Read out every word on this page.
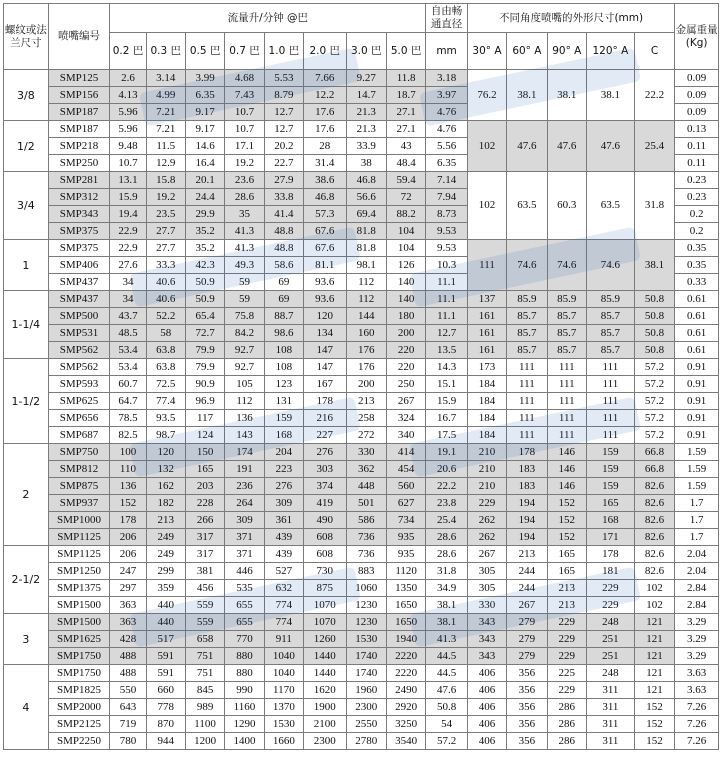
螺纹或法兰尺寸	喷嘴编号	流量升/分钟 @巴								自由畅通直径	不同角度喷嘴的外形尺寸(mm)					金属重量(Kg)
		0.2 巴	0.3 巴	0.5 巴	0.7 巴	1.0 巴	2.0 巴	3.0 巴	5.0 巴	mm	30° A	60° A	90° A	120° A	C	
3/8	SMP125	2.6	3.14	3.99	4.68	5.53	7.66	9.27	11.8	3.18	76.2	38.1	38.1	38.1	22.2	0.09
	SMP156	4.13	4.99	6.35	7.43	8.79	12.2	14.7	18.7	3.97						0.09
	SMP187	5.96	7.21	9.17	10.7	12.7	17.6	21.3	27.1	4.76						0.09
1/2	SMP187	5.96	7.21	9.17	10.7	12.7	17.6	21.3	27.1	4.76	102	47.6	47.6	47.6	25.4	0.13
	SMP218	9.48	11.5	14.6	17.1	20.2	28	33.9	43	5.56						0.11
	SMP250	10.7	12.9	16.4	19.2	22.7	31.4	38	48.4	6.35						0.11
3/4	SMP281	13.1	15.8	20.1	23.6	27.9	38.6	46.8	59.4	7.14	102	63.5	60.3	63.5	31.8	0.23
	SMP312	15.9	19.2	24.4	28.6	33.8	46.8	56.6	72	7.94						0.23
	SMP343	19.4	23.5	29.9	35	41.4	57.3	69.4	88.2	8.73						0.2
	SMP375	22.9	27.7	35.2	41.3	48.8	67.6	81.8	104	9.53						0.2
1	SMP375	22.9	27.7	35.2	41.3	48.8	67.6	81.8	104	9.53	111	74.6	74.6	74.6	38.1	0.35
	SMP406	27.6	33.3	42.3	49.3	58.6	81.1	98.1	126	10.3						0.35
	SMP437	34	40.6	50.9	59	69	93.6	112	140	11.1						0.33
1-1/4	SMP437	34	40.6	50.9	59	69	93.6	112	140	11.1	137	85.9	85.9	85.9	50.8	0.61
	SMP500	43.7	52.2	65.4	75.8	88.7	120	144	180	11.1	161	85.7	85.7	85.7	50.8	0.61
	SMP531	48.5	58	72.7	84.2	98.6	134	160	200	12.7	161	85.7	85.7	85.7	50.8	0.61
	SMP562	53.4	63.8	79.9	92.7	108	147	176	220	13.5	161	85.7	85.7	85.7	50.8	0.61
1-1/2	SMP562	53.4	63.8	79.9	92.7	108	147	176	220	14.3	173	111	111	111	57.2	0.91
	SMP593	60.7	72.5	90.9	105	123	167	200	250	15.1	184	111	111	111	57.2	0.91
	SMP625	64.7	77.4	96.9	112	131	178	213	267	15.9	184	111	111	111	57.2	0.91
	SMP656	78.5	93.5	117	136	159	216	258	324	16.7	184	111	111	111	57.2	0.91
	SMP687	82.5	98.7	124	143	168	227	272	340	17.5	184	111	111	111	57.2	0.91
2	SMP750	100	120	150	174	204	276	330	414	19.1	210	178	146	159	66.8	1.59
	SMP812	110	132	165	191	223	303	362	454	20.6	210	183	146	159	66.8	1.59
	SMP875	136	162	203	236	276	374	448	560	22.2	210	183	146	159	82.6	1.59
	SMP937	152	182	228	264	309	419	501	627	23.8	229	194	152	165	82.6	1.7
	SMP1000	178	213	266	309	361	490	586	734	25.4	262	194	152	168	82.6	1.7
	SMP1125	206	249	317	371	439	608	736	935	28.6	262	194	152	171	82.6	1.7
2-1/2	SMP1125	206	249	317	371	439	608	736	935	28.6	267	213	165	178	82.6	2.04
	SMP1250	247	299	381	446	527	730	883	1120	31.8	305	244	165	181	82.6	2.04
	SMP1375	297	359	456	535	632	875	1060	1350	34.9	305	244	213	229	102	2.84
	SMP1500	363	440	559	655	774	1070	1230	1650	38.1	330	267	213	229	102	2.84
3	SMP1500	363	440	559	655	774	1070	1230	1650	38.1	343	279	229	248	121	3.29
	SMP1625	428	517	658	770	911	1260	1530	1940	41.3	343	279	229	251	121	3.29
	SMP1750	488	591	751	880	1040	1440	1740	2220	44.5	343	279	229	251	121	3.29
4	SMP1750	488	591	751	880	1040	1440	1740	2220	44.5	406	356	225	248	121	3.63
	SMP1825	550	660	845	990	1170	1620	1960	2490	47.6	406	356	229	311	121	3.63
	SMP2000	643	778	989	1160	1370	1900	2300	2920	50.8	406	356	286	311	152	7.26
	SMP2125	719	870	1100	1290	1530	2100	2550	3250	54	406	356	286	311	152	7.26
	SMP2250	780	944	1200	1400	1660	2300	2780	3540	57.2	406	356	286	311	152	7.26
